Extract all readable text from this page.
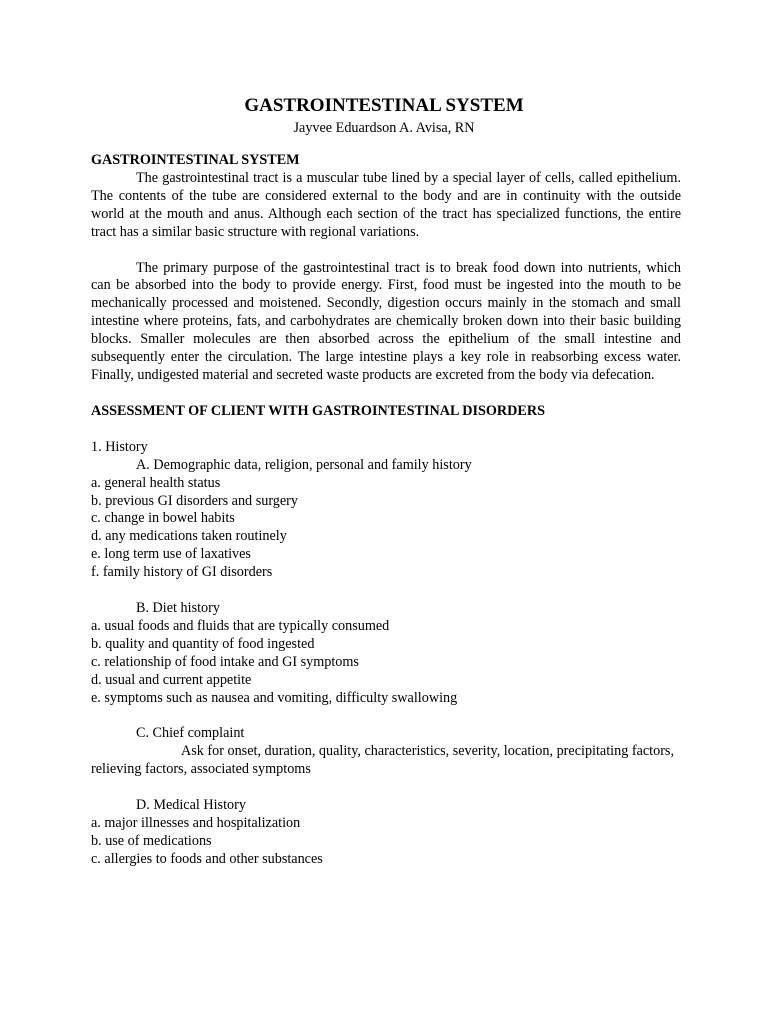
GASTROINTESTINAL SYSTEM
Jayvee Eduardson A. Avisa, RN
GASTROINTESTINAL SYSTEM

The gastrointestinal tract is a muscular tube lined by a special layer of cells, called epithelium. The contents of the tube are considered external to the body and are in continuity with the outside world at the mouth and anus. Although each section of the tract has specialized functions, the entire tract has a similar basic structure with regional variations.

The primary purpose of the gastrointestinal tract is to break food down into nutrients, which can be absorbed into the body to provide energy. First, food must be ingested into the mouth to be mechanically processed and moistened. Secondly, digestion occurs mainly in the stomach and small intestine where proteins, fats, and carbohydrates are chemically broken down into their basic building blocks. Smaller molecules are then absorbed across the epithelium of the small intestine and subsequently enter the circulation. The large intestine plays a key role in reabsorbing excess water. Finally, undigested material and secreted waste products are excreted from the body via defecation.

ASSESSMENT OF CLIENT WITH GASTROINTESTINAL DISORDERS
1. History
A. Demographic data, religion, personal and family history
a. general health status
b. previous GI disorders and surgery
c. change in bowel habits
d. any medications taken routinely
e. long term use of laxatives
f. family history of GI disorders
B. Diet history
a. usual foods and fluids that are typically consumed
b. quality and quantity of food ingested
c. relationship of food intake and GI symptoms
d. usual and current appetite
e. symptoms such as nausea and vomiting, difficulty swallowing
C. Chief complaint

Ask for onset, duration, quality, characteristics, severity, location, precipitating factors, relieving factors, associated symptoms

D. Medical History
a. major illnesses and hospitalization
b. use of medications
c. allergies to foods and other substances
